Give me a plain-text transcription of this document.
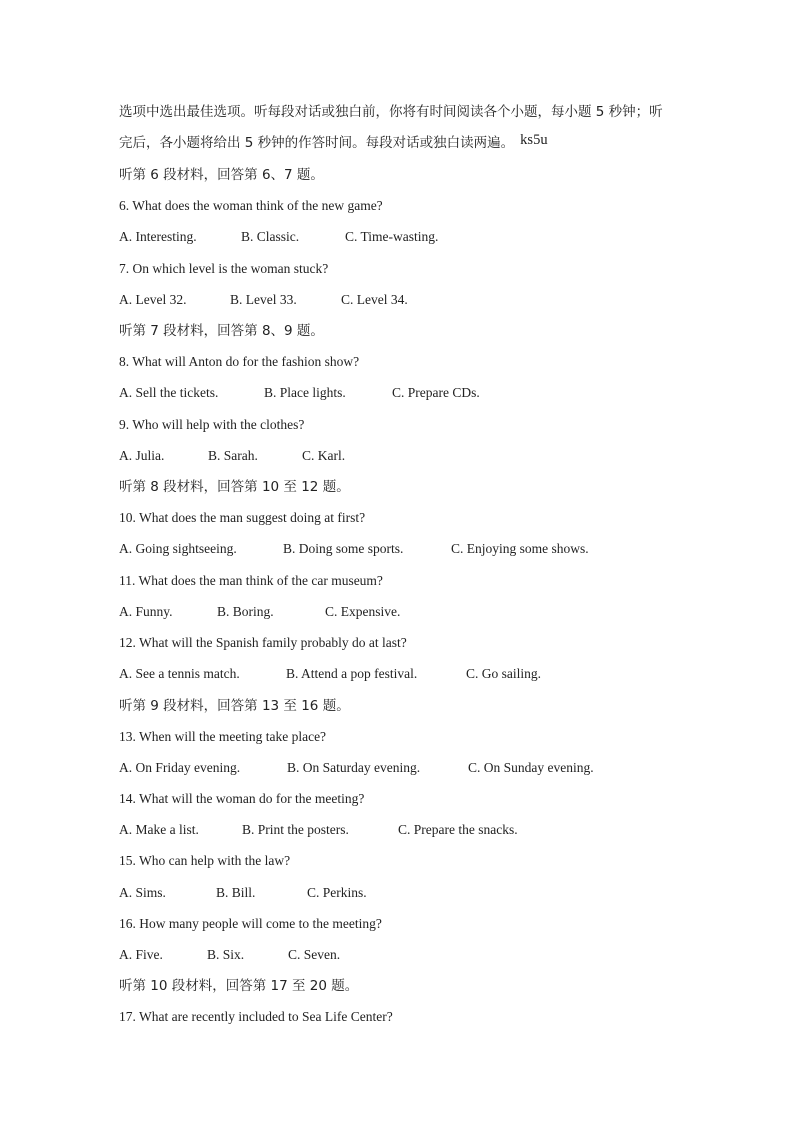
选项中选出最佳选项。听每段对话或独白前，你将有时间阅读各个小题，每小题 5 秒钟；听
完后，各小题将给出 5 秒钟的作答时间。每段对话或独白读两遍。 ks5u
听第 6 段材料，回答第 6、7 题。
6. What does the woman think of the new game?
A. Interesting.	B. Classic.	C. Time-wasting.
7. On which level is the woman stuck?
A. Level 32.	B. Level 33.	C. Level 34.
听第 7 段材料，回答第 8、9 题。
8. What will Anton do for the fashion show?
A. Sell the tickets.	B. Place lights.	C. Prepare CDs.
9. Who will help with the clothes?
A. Julia.	B. Sarah.	C. Karl.
听第 8 段材料，回答第 10 至 12 题。
10. What does the man suggest doing at first?
A. Going sightseeing.	B. Doing some sports.	C. Enjoying some shows.
11. What does the man think of the car museum?
A. Funny.	B. Boring.	C. Expensive.
12. What will the Spanish family probably do at last?
A. See a tennis match.	B. Attend a pop festival.	C. Go sailing.
听第 9 段材料，回答第 13 至 16 题。
13. When will the meeting take place?
A. On Friday evening.	B. On Saturday evening.	C. On Sunday evening.
14. What will the woman do for the meeting?
A. Make a list.	B. Print the posters.	C. Prepare the snacks.
15. Who can help with the law?
A. Sims.	B. Bill.	C. Perkins.
16. How many people will come to the meeting?
A. Five.	B. Six.	C. Seven.
听第 10 段材料，回答第 17 至 20 题。
17. What are recently included to Sea Life Center?
